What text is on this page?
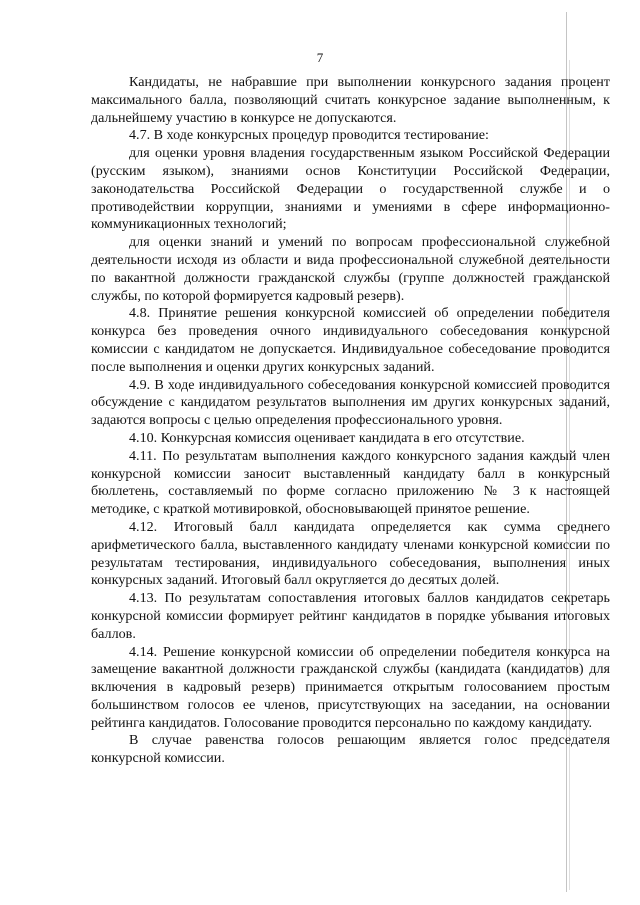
7

Кандидаты, не набравшие при выполнении конкурсного задания процент максимального балла, позволяющий считать конкурсное задание выполненным, к дальнейшему участию в конкурсе не допускаются.

4.7. В ходе конкурсных процедур проводится тестирование:

для оценки уровня владения государственным языком Российской Федерации (русским языком), знаниями основ Конституции Российской Федерации, законодательства Российской Федерации о государственной службе и о противодействии коррупции, знаниями и умениями в сфере информационно-коммуникационных технологий;

для оценки знаний и умений по вопросам профессиональной служебной деятельности исходя из области и вида профессиональной служебной деятельности по вакантной должности гражданской службы (группе должностей гражданской службы, по которой формируется кадровый резерв).

4.8. Принятие решения конкурсной комиссией об определении победителя конкурса без проведения очного индивидуального собеседования конкурсной комиссии с кандидатом не допускается. Индивидуальное собеседование проводится после выполнения и оценки других конкурсных заданий.

4.9. В ходе индивидуального собеседования конкурсной комиссией проводится обсуждение с кандидатом результатов выполнения им других конкурсных заданий, задаются вопросы с целью определения профессионального уровня.

4.10. Конкурсная комиссия оценивает кандидата в его отсутствие.

4.11. По результатам выполнения каждого конкурсного задания каждый член конкурсной комиссии заносит выставленный кандидату балл в конкурсный бюллетень, составляемый по форме согласно приложению № 3 к настоящей методике, с краткой мотивировкой, обосновывающей принятое решение.

4.12. Итоговый балл кандидата определяется как сумма среднего арифметического балла, выставленного кандидату членами конкурсной комиссии по результатам тестирования, индивидуального собеседования, выполнения иных конкурсных заданий. Итоговый балл округляется до десятых долей.

4.13. По результатам сопоставления итоговых баллов кандидатов секретарь конкурсной комиссии формирует рейтинг кандидатов в порядке убывания итоговых баллов.

4.14. Решение конкурсной комиссии об определении победителя конкурса на замещение вакантной должности гражданской службы (кандидата (кандидатов) для включения в кадровый резерв) принимается открытым голосованием простым большинством голосов ее членов, присутствующих на заседании, на основании рейтинга кандидатов. Голосование проводится персонально по каждому кандидату.

В случае равенства голосов решающим является голос председателя конкурсной комиссии.
